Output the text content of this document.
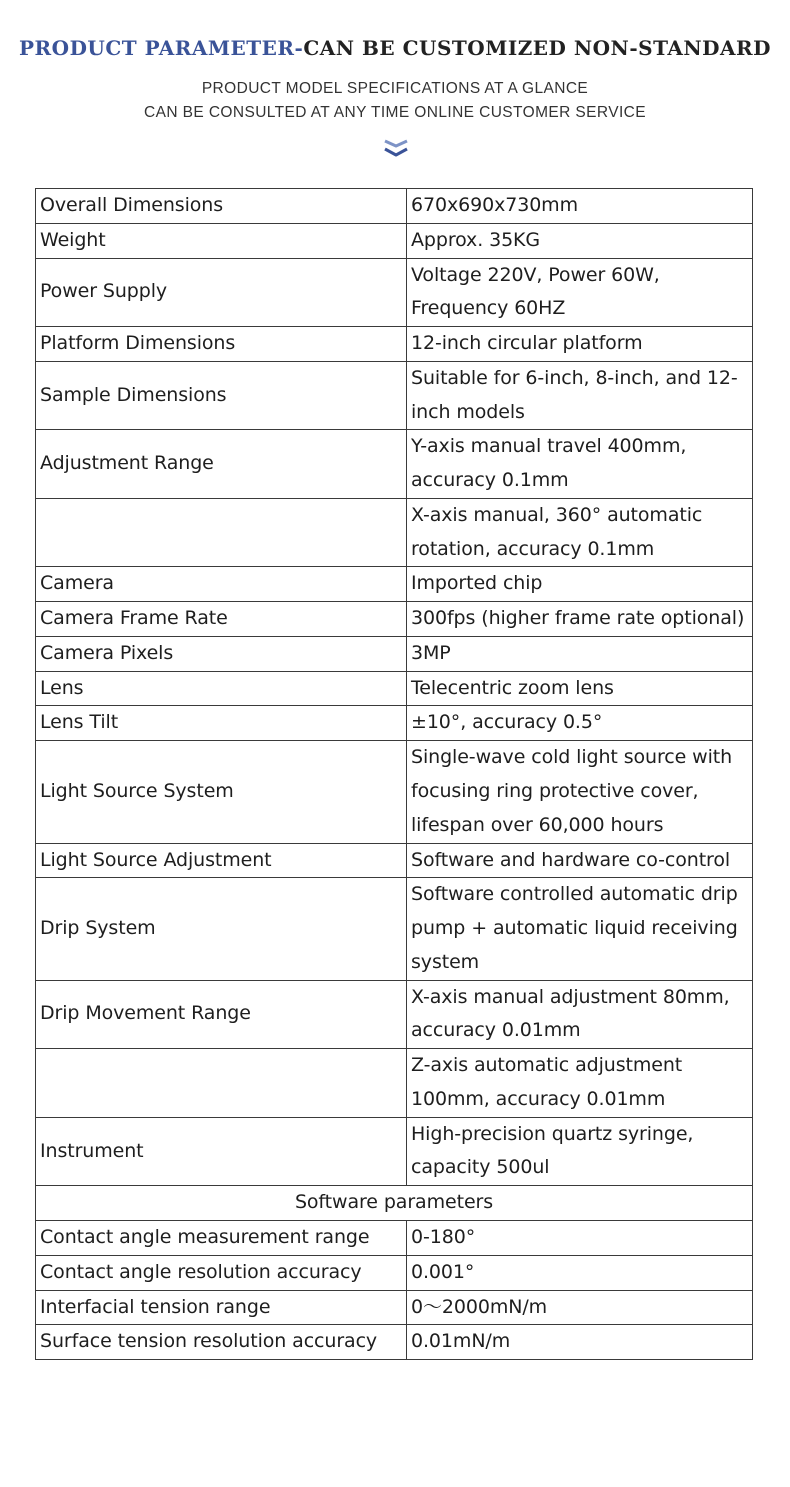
PRODUCT PARAMETER-CAN BE CUSTOMIZED NON-STANDARD
PRODUCT MODEL SPECIFICATIONS AT A GLANCE
CAN BE CONSULTED AT ANY TIME ONLINE CUSTOMER SERVICE
Overall Dimensions	670x690x730mm
Weight	Approx. 35KG
Power Supply	Voltage 220V, Power 60W, Frequency 60HZ
Platform Dimensions	12-inch circular platform
Sample Dimensions	Suitable for 6-inch, 8-inch, and 12-inch models
Adjustment Range	Y-axis manual travel 400mm, accuracy 0.1mm
	X-axis manual, 360° automatic rotation, accuracy 0.1mm
Camera	Imported chip
Camera Frame Rate	300fps (higher frame rate optional)
Camera Pixels	3MP
Lens	Telecentric zoom lens
Lens Tilt	±10°, accuracy 0.5°
Light Source System	Single-wave cold light source with focusing ring protective cover, lifespan over 60,000 hours
Light Source Adjustment	Software and hardware co-control
Drip System	Software controlled automatic drip pump + automatic liquid receiving system
Drip Movement Range	X-axis manual adjustment 80mm, accuracy 0.01mm
	Z-axis automatic adjustment 100mm, accuracy 0.01mm
Instrument	High-precision quartz syringe, capacity 500ul
Software parameters	
Contact angle measurement range	0-180°
Contact angle resolution accuracy	0.001°
Interfacial tension range	0～2000mN/m
Surface tension resolution accuracy	0.01mN/m
